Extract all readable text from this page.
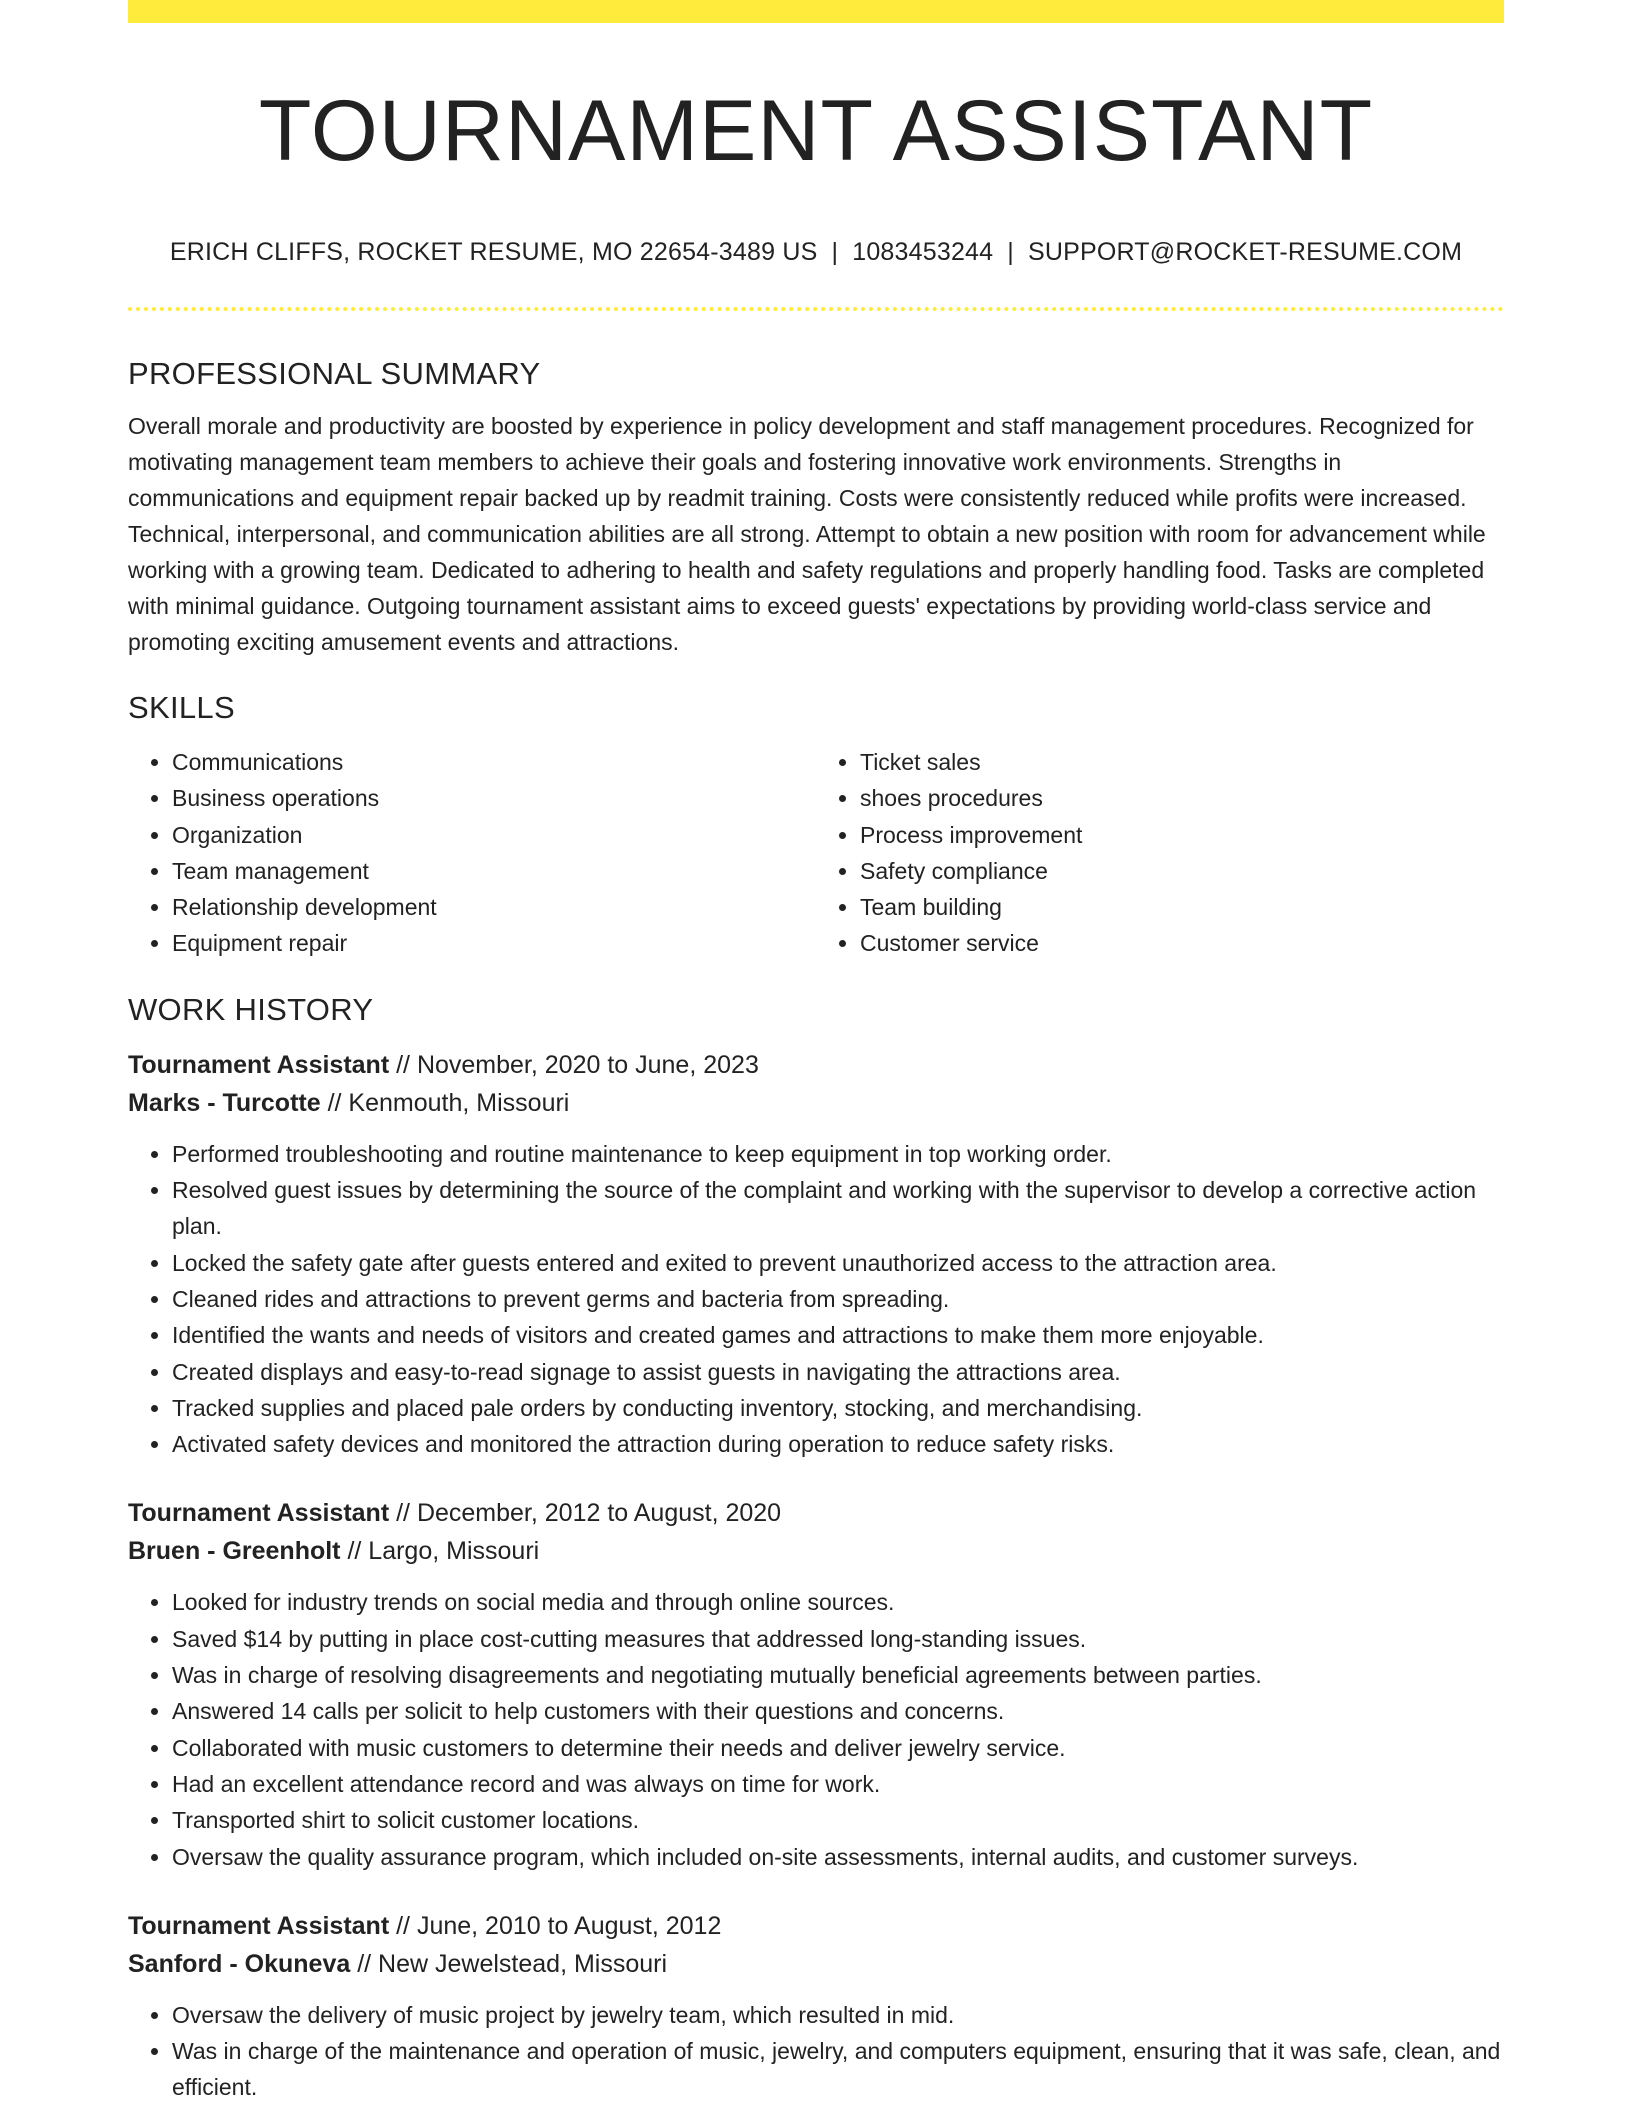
TOURNAMENT ASSISTANT
ERICH CLIFFS, ROCKET RESUME, MO 22654-3489 US | 1083453244 | SUPPORT@ROCKET-RESUME.COM
PROFESSIONAL SUMMARY

Overall morale and productivity are boosted by experience in policy development and staff management procedures. Recognized for motivating management team members to achieve their goals and fostering innovative work environments. Strengths in communications and equipment repair backed up by readmit training. Costs were consistently reduced while profits were increased. Technical, interpersonal, and communication abilities are all strong. Attempt to obtain a new position with room for advancement while working with a growing team. Dedicated to adhering to health and safety regulations and properly handling food. Tasks are completed with minimal guidance. Outgoing tournament assistant aims to exceed guests' expectations by providing world-class service and promoting exciting amusement events and attractions.

SKILLS
• Communications
• Business operations
• Organization
• Team management
• Relationship development
• Equipment repair
• Ticket sales
• shoes procedures
• Process improvement
• Safety compliance
• Team building
• Customer service
WORK HISTORY
Tournament Assistant // November, 2020 to June, 2023
Marks - Turcotte // Kenmouth, Missouri
• Performed troubleshooting and routine maintenance to keep equipment in top working order.
• Resolved guest issues by determining the source of the complaint and working with the supervisor to develop a corrective action plan.
• Locked the safety gate after guests entered and exited to prevent unauthorized access to the attraction area.
• Cleaned rides and attractions to prevent germs and bacteria from spreading.
• Identified the wants and needs of visitors and created games and attractions to make them more enjoyable.
• Created displays and easy-to-read signage to assist guests in navigating the attractions area.
• Tracked supplies and placed pale orders by conducting inventory, stocking, and merchandising.
• Activated safety devices and monitored the attraction during operation to reduce safety risks.
Tournament Assistant // December, 2012 to August, 2020
Bruen - Greenholt // Largo, Missouri
• Looked for industry trends on social media and through online sources.
• Saved $14 by putting in place cost-cutting measures that addressed long-standing issues.
• Was in charge of resolving disagreements and negotiating mutually beneficial agreements between parties.
• Answered 14 calls per solicit to help customers with their questions and concerns.
• Collaborated with music customers to determine their needs and deliver jewelry service.
• Had an excellent attendance record and was always on time for work.
• Transported shirt to solicit customer locations.
• Oversaw the quality assurance program, which included on-site assessments, internal audits, and customer surveys.
Tournament Assistant // June, 2010 to August, 2012
Sanford - Okuneva // New Jewelstead, Missouri
• Oversaw the delivery of music project by jewelry team, which resulted in mid.
• Was in charge of the maintenance and operation of music, jewelry, and computers equipment, ensuring that it was safe, clean, and efficient.
